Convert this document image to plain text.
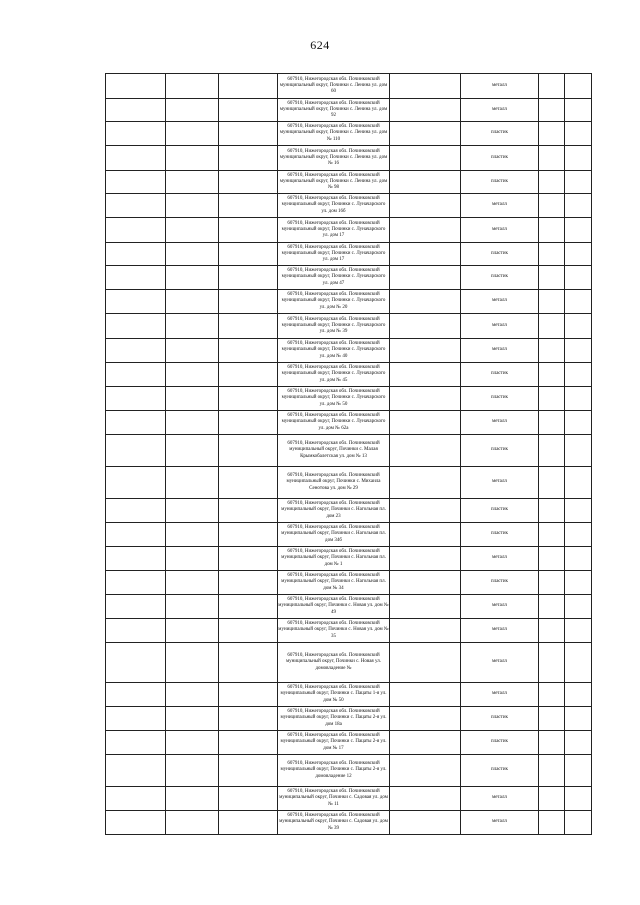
624
			607910, Нижегородская обл. Починковский муниципальный округ, Починки с. Ленина ул. дом 60		металл		
			607910, Нижегородская обл. Починковский муниципальный округ, Починки с. Ленина ул. дом 92		металл		
			607910, Нижегородская обл. Починковский муниципальный округ, Починки с. Ленина ул. дом № 110		пластик		
			607910, Нижегородская обл. Починковский муниципальный округ, Починки с. Ленина ул. дом № 16		пластик		
			607910, Нижегородская обл. Починковский муниципальный округ, Починки с. Ленина ул. дом № 98		пластик		
			607910, Нижегородская обл. Починковский муниципальный округ, Починки с. Луначарского ул. дом 16б		металл		
			607910, Нижегородская обл. Починковский муниципальный округ, Починки с. Луначарского ул. дом 17		металл		
			607910, Нижегородская обл. Починковский муниципальный округ, Починки с. Луначарского ул. дом 17		пластик		
			607910, Нижегородская обл. Починковский муниципальный округ, Починки с. Луначарского ул. дом 47		пластик		
			607910, Нижегородская обл. Починковский муниципальный округ, Починки с. Луначарского ул. дом № 20		металл		
			607910, Нижегородская обл. Починковский муниципальный округ, Починки с. Луначарского ул. дом № 39		металл		
			607910, Нижегородская обл. Починковский муниципальный округ, Починки с. Луначарского ул. дом № 40		металл		
			607910, Нижегородская обл. Починковский муниципальный округ, Починки с. Луначарского ул. дом № 45		пластик		
			607910, Нижегородская обл. Починковский муниципальный округ, Починки с. Луначарского ул. дом № 50		пластик		
			607910, Нижегородская обл. Починковский муниципальный округ, Починки с. Луначарского ул. дом № 62а		металл		
			607910, Нижегородская обл. Починковский муниципальный округ, Починки с. Малая Крымкобалетская ул. дом № 13		пластик		
			607910, Нижегородская обл. Починковский муниципальный округ, Починки с. Михаила Сенотова ул. дом № 29		металл		
			607910, Нижегородская обл. Починковский муниципальный округ, Починки с. Нагольная пл. дом 23		пластик		
			607910, Нижегородская обл. Починковский муниципальный округ, Починки с. Нагольная пл. дом 34б		пластик		
			607910, Нижегородская обл. Починковский муниципальный округ, Починки с. Нагольная пл. дом № 1		металл		
			607910, Нижегородская обл. Починковский муниципальный округ, Починки с. Нагольная пл. дом № 34		пластик		
			607910, Нижегородская обл. Починковский муниципальный округ, Починки с. Новая ул. дом № 49		металл		
			607910, Нижегородская обл. Починковский муниципальный округ, Починки с. Новая ул. дом № 35		металл		
			607910, Нижегородская обл. Починковский муниципальный округ, Починки с. Новая ул. домовладение №		металл		
			607910, Нижегородская обл. Починковский муниципальный округ, Починки с. Пацаты 1-я ул. дом № 50		металл		
			607910, Нижегородская обл. Починковский муниципальный округ, Починки с. Пацаты 2-я ул. дом 18а		пластик		
			607910, Нижегородская обл. Починковский муниципальный округ, Починки с. Пацаты 2-я ул. дом № 17		пластик		
			607910, Нижегородская обл. Починковский муниципальный округ, Починки с. Пацаты 2-я ул. домовладение 12		пластик		
			607910, Нижегородская обл. Починковский муниципальный округ, Починки с. Садовая ул. дом № 11		металл		
			607910, Нижегородская обл. Починковский муниципальный округ, Починки с. Садовая ул. дом № 39		металл		
